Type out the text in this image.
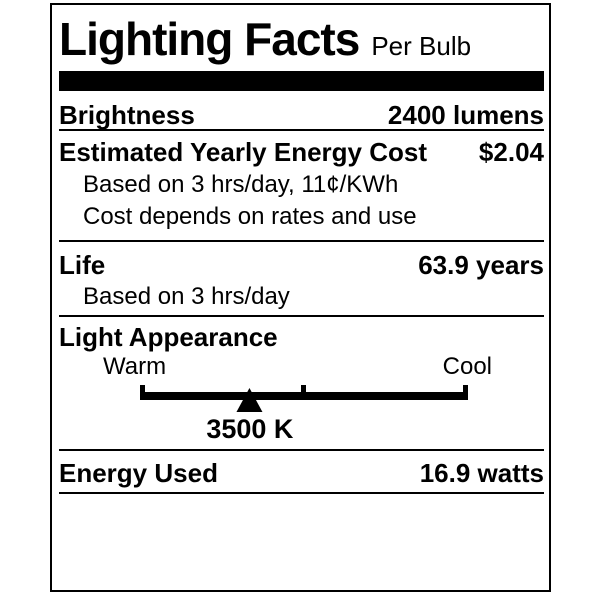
Lighting Facts Per Bulb
Brightness	2400 lumens
Estimated Yearly Energy Cost $2.04
Based on 3 hrs/day, 11¢/KWh
Cost depends on rates and use
Life	63.9 years
Based on 3 hrs/day
Light Appearance
Warm	Cool
3500 K
Energy Used	16.9 watts
